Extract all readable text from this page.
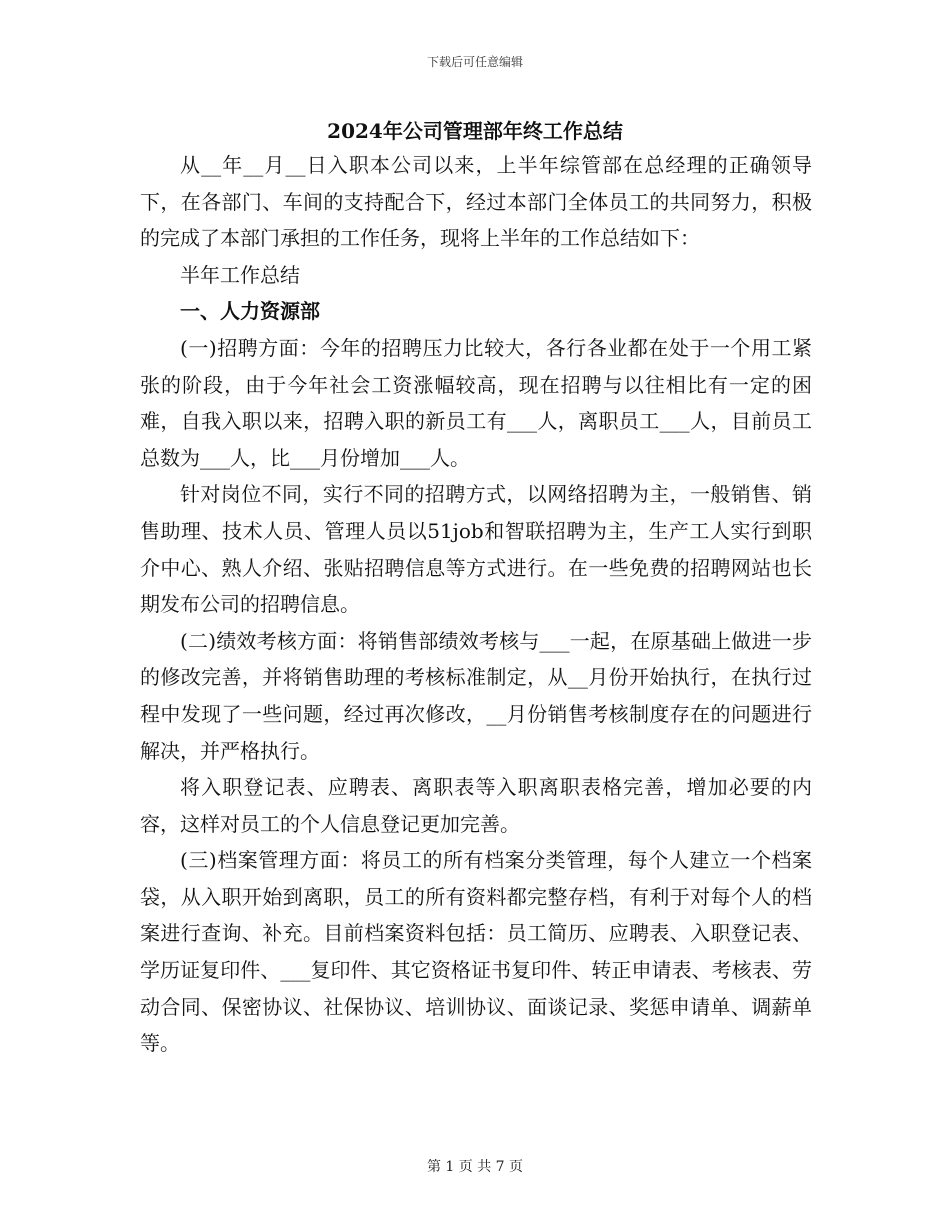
下载后可任意编辑
2024年公司管理部年终工作总结

从__年__月__日入职本公司以来，上半年综管部在总经理的正确领导下，在各部门、车间的支持配合下，经过本部门全体员工的共同努力，积极的完成了本部门承担的工作任务，现将上半年的工作总结如下：

半年工作总结

一、人力资源部

(一)招聘方面：今年的招聘压力比较大，各行各业都在处于一个用工紧张的阶段，由于今年社会工资涨幅较高，现在招聘与以往相比有一定的困难，自我入职以来，招聘入职的新员工有___人，离职员工___人，目前员工总数为___人，比___月份增加___人。

针对岗位不同，实行不同的招聘方式，以网络招聘为主，一般销售、销售助理、技术人员、管理人员以51job和智联招聘为主，生产工人实行到职介中心、熟人介绍、张贴招聘信息等方式进行。在一些免费的招聘网站也长期发布公司的招聘信息。

(二)绩效考核方面：将销售部绩效考核与___一起，在原基础上做进一步的修改完善，并将销售助理的考核标准制定，从__月份开始执行，在执行过程中发现了一些问题，经过再次修改，__月份销售考核制度存在的问题进行解决，并严格执行。

将入职登记表、应聘表、离职表等入职离职表格完善，增加必要的内容，这样对员工的个人信息登记更加完善。

(三)档案管理方面：将员工的所有档案分类管理，每个人建立一个档案袋，从入职开始到离职，员工的所有资料都完整存档，有利于对每个人的档案进行查询、补充。目前档案资料包括：员工简历、应聘表、入职登记表、学历证复印件、___复印件、其它资格证书复印件、转正申请表、考核表、劳动合同、保密协议、社保协议、培训协议、面谈记录、奖惩申请单、调薪单等。

第 1 页 共 7 页
